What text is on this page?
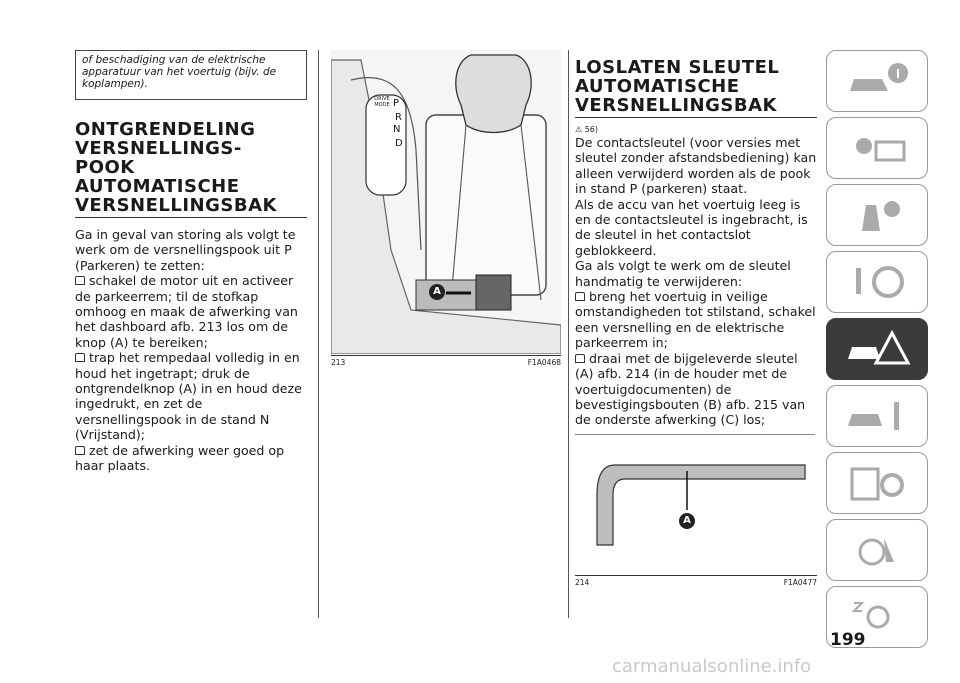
of beschadiging van de elektrische apparatuur van het voertuig (bijv. de koplampen).
ONTGRENDELING VERSNELLINGS-POOK AUTOMATISCHE VERSNELLINGSBAK

Ga in geval van storing als volgt te werk om de versnellingspook uit P (Parkeren) te zetten:

schakel de motor uit en activeer de parkeerrem; til de stofkap omhoog en maak de afwerking van het dashboard afb. 213 los om de knop (A) te bereiken;

trap het rempedaal volledig in en houd het ingetrapt; druk de ontgrendelknop (A) in en houd deze ingedrukt, en zet de versnellingspook in de stand N (Vrijstand);

zet de afwerking weer goed op haar plaats.

DRIVE MODE P
R
N
D
A
213	F1A0468
LOSLATEN SLEUTEL AUTOMATISCHE VERSNELLINGSBAK

⚠ 56)

De contactsleutel (voor versies met sleutel zonder afstandsbediening) kan alleen verwijderd worden als de pook in stand P (parkeren) staat.

Als de accu van het voertuig leeg is en de contactsleutel is ingebracht, is de sleutel in het contactslot geblokkeerd.

Ga als volgt te werk om de sleutel handmatig te verwijderen:

breng het voertuig in veilige omstandigheden tot stilstand, schakel een versnelling en de elektrische parkeerrem in;

draai met de bijgeleverde sleutel (A) afb. 214 (in de houder met de voertuigdocumenten) de bevestigingsbouten (B) afb. 215 van de onderste afwerking (C) los;

A
214	F1A0477
199
carmanualsonline.info
